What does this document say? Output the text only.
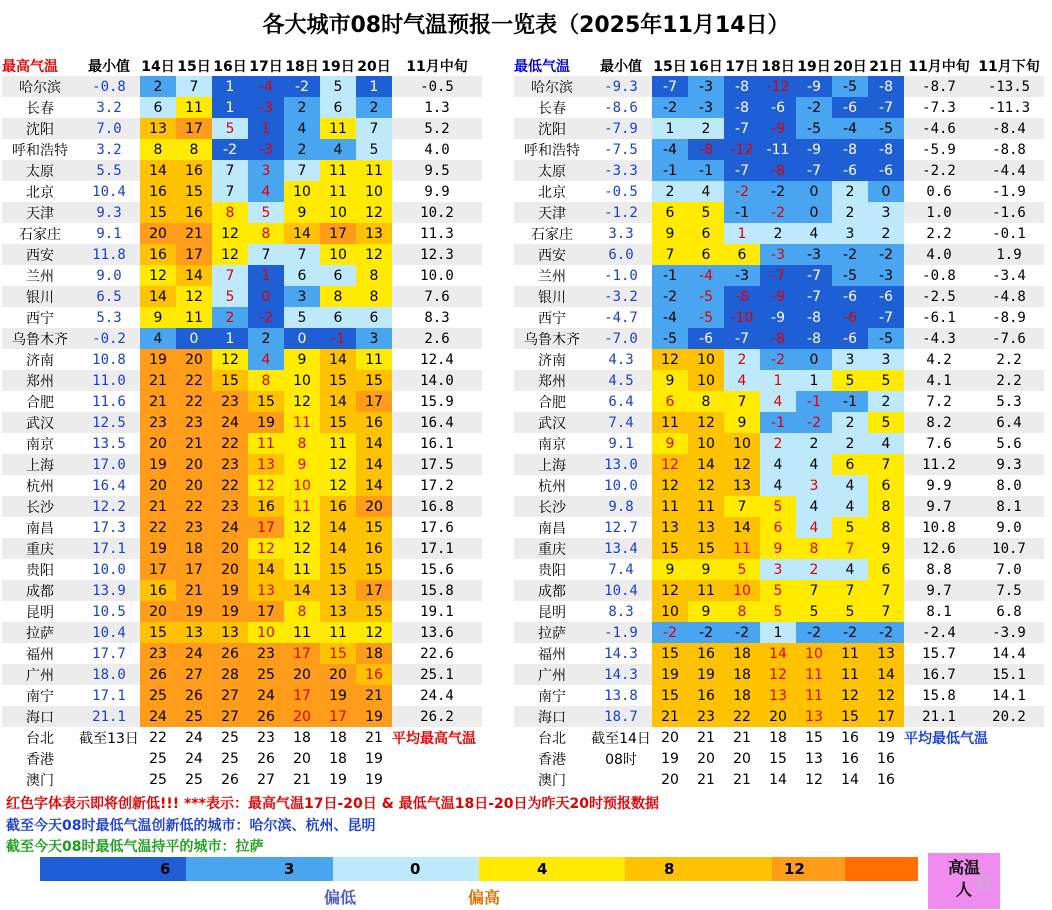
各大城市08时气温预报一览表（2025年11月14日）
最高气温	最小值	14日	15日	16日	17日	18日	19日	20日	11月中旬
哈尔滨	-0.8	2	7	1	-4	-2	5	1	-0.5
长春	3.2	6	11	1	-3	2	6	2	1.3
沈阳	7.0	13	17	5	1	4	11	7	5.2
呼和浩特	3.2	8	8	-2	-3	2	4	5	4.0
太原	5.5	14	16	7	3	7	11	11	9.5
北京	10.4	16	15	7	4	10	11	10	9.9
天津	9.3	15	16	8	5	9	10	12	10.2
石家庄	9.1	20	21	12	8	14	17	13	11.3
西安	11.8	16	17	12	7	7	10	12	12.3
兰州	9.0	12	14	7	1	6	6	8	10.0
银川	6.5	14	12	5	0	3	8	8	7.6
西宁	5.3	9	11	2	-2	5	6	6	8.3
乌鲁木齐	-0.2	4	0	1	2	0	-1	3	2.6
济南	10.8	19	20	12	4	9	14	11	12.4
郑州	11.0	21	22	15	8	10	15	15	14.0
合肥	11.6	21	22	23	15	12	14	17	15.9
武汉	12.5	23	23	24	19	11	15	16	16.4
南京	13.5	20	21	22	11	8	11	14	16.1
上海	17.0	19	20	23	13	9	12	14	17.5
杭州	16.4	20	20	22	12	10	12	14	17.2
长沙	12.2	21	22	23	16	11	16	20	16.8
南昌	17.3	22	23	24	17	12	14	15	17.6
重庆	17.1	19	18	20	12	12	14	16	17.1
贵阳	10.0	17	17	20	14	11	15	15	15.6
成都	13.9	16	21	19	13	14	13	17	15.8
昆明	10.5	20	19	19	17	8	13	15	19.1
拉萨	10.4	15	13	13	10	11	11	12	13.6
福州	17.7	23	24	26	23	17	15	18	22.6
广州	18.0	26	27	28	25	20	20	16	25.1
南宁	17.1	25	26	27	24	17	19	21	24.4
海口	21.1	24	25	27	26	20	17	19	26.2
台北	截至13日	22	24	25	23	18	18	21	平均最高气温
香港		25	24	25	26	20	18	19	
澳门		25	25	26	27	21	19	19	
最低气温	最小值	15日	16日	17日	18日	19日	20日	21日	11月中旬	11月下旬
哈尔滨	-9.3	-7	-3	-8	-12	-9	-5	-8	-8.7	-13.5
长春	-8.6	-2	-3	-8	-6	-2	-6	-7	-7.3	-11.3
沈阳	-7.9	1	2	-7	-9	-5	-4	-5	-4.6	-8.4
呼和浩特	-7.5	-4	-8	-12	-11	-9	-8	-8	-5.9	-8.8
太原	-3.3	-1	-1	-7	-8	-7	-6	-6	-2.2	-4.4
北京	-0.5	2	4	-2	-2	0	2	0	0.6	-1.9
天津	-1.2	6	5	-1	-2	0	2	3	1.0	-1.6
石家庄	3.3	9	6	1	2	4	3	2	2.2	-0.1
西安	6.0	7	6	6	-3	-3	-2	-2	4.0	1.9
兰州	-1.0	-1	-4	-3	-7	-7	-5	-3	-0.8	-3.4
银川	-3.2	-2	-5	-8	-9	-7	-6	-6	-2.5	-4.8
西宁	-4.7	-4	-5	-10	-9	-8	-6	-7	-6.1	-8.9
乌鲁木齐	-7.0	-5	-6	-7	-8	-8	-6	-5	-4.3	-7.6
济南	4.3	12	10	2	-2	0	3	3	4.2	2.2
郑州	4.5	9	10	4	1	1	5	5	4.1	2.2
合肥	6.4	6	8	7	4	-1	-1	2	7.2	5.3
武汉	7.4	11	12	9	-1	-2	2	5	8.2	6.4
南京	9.1	9	10	10	2	2	2	4	7.6	5.6
上海	13.0	12	14	12	4	4	6	7	11.2	9.3
杭州	10.0	12	12	13	4	3	4	6	9.9	8.0
长沙	9.8	11	11	7	5	4	4	8	9.7	8.1
南昌	12.7	13	13	14	6	4	5	8	10.8	9.0
重庆	13.4	15	15	11	9	8	7	9	12.6	10.7
贵阳	7.4	9	9	5	3	2	4	6	8.8	7.0
成都	10.4	12	11	10	5	7	7	7	9.7	7.5
昆明	8.3	10	9	8	5	5	5	7	8.1	6.8
拉萨	-1.9	-2	-2	-2	1	-2	-2	-2	-2.4	-3.9
福州	14.3	15	16	18	14	10	11	13	15.7	14.4
广州	14.3	19	19	18	12	11	11	14	16.7	15.1
南宁	13.8	15	16	18	13	11	12	12	15.8	14.1
海口	18.7	21	23	22	20	13	15	17	21.1	20.2
台北	截至14日	20	21	21	18	15	16	19	平均最低气温	
香港	08时	19	20	20	15	13	16	16		
澳门		20	21	21	14	12	14	16		
红色字体表示即将创新低!!! ***表示：最高气温17日-20日 & 最低气温18日-20日为昨天20时预报数据
截至今天08时最低气温创新低的城市：哈尔滨、杭州、昆明
截至今天08时最低气温持平的城市：拉萨
6	3	0	4	8	12
偏低	偏高
高温
人 欣
